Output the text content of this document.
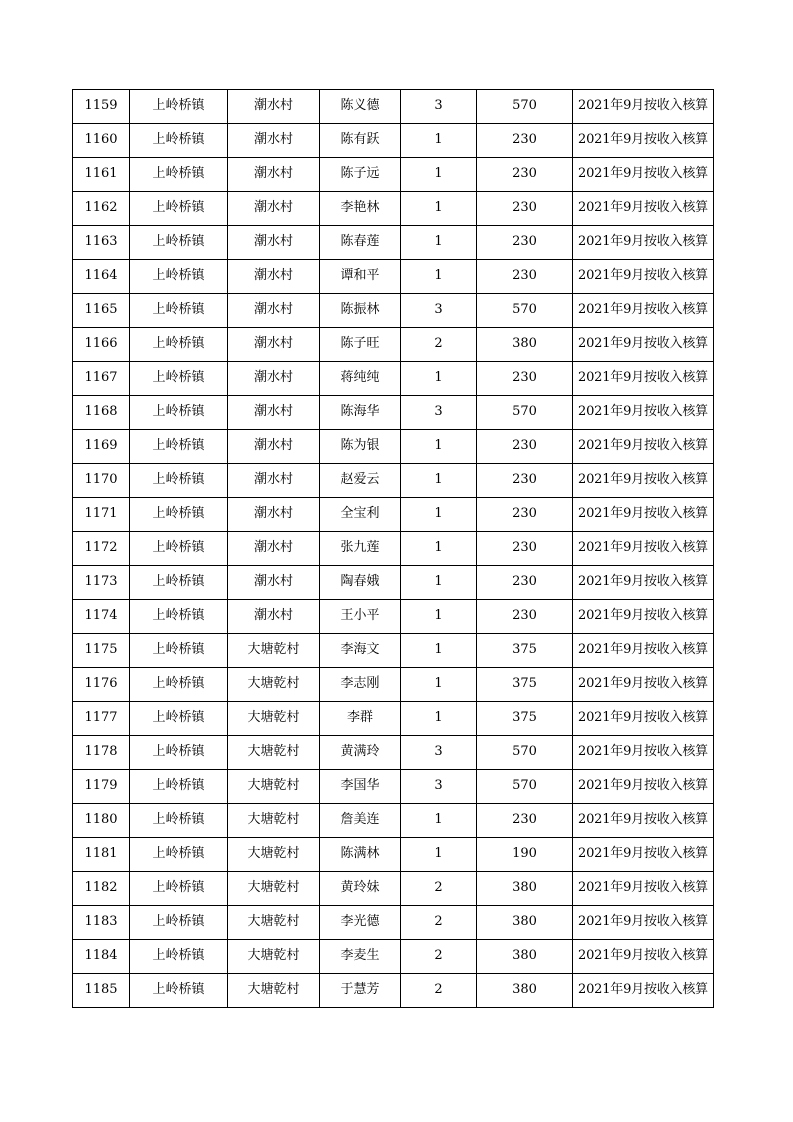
1159	上岭桥镇	潮水村	陈义德	3	570	2021年9月按收入核算
1160	上岭桥镇	潮水村	陈有跃	1	230	2021年9月按收入核算
1161	上岭桥镇	潮水村	陈子远	1	230	2021年9月按收入核算
1162	上岭桥镇	潮水村	李艳林	1	230	2021年9月按收入核算
1163	上岭桥镇	潮水村	陈春莲	1	230	2021年9月按收入核算
1164	上岭桥镇	潮水村	谭和平	1	230	2021年9月按收入核算
1165	上岭桥镇	潮水村	陈振林	3	570	2021年9月按收入核算
1166	上岭桥镇	潮水村	陈子旺	2	380	2021年9月按收入核算
1167	上岭桥镇	潮水村	蒋纯纯	1	230	2021年9月按收入核算
1168	上岭桥镇	潮水村	陈海华	3	570	2021年9月按收入核算
1169	上岭桥镇	潮水村	陈为银	1	230	2021年9月按收入核算
1170	上岭桥镇	潮水村	赵爱云	1	230	2021年9月按收入核算
1171	上岭桥镇	潮水村	全宝利	1	230	2021年9月按收入核算
1172	上岭桥镇	潮水村	张九莲	1	230	2021年9月按收入核算
1173	上岭桥镇	潮水村	陶春娥	1	230	2021年9月按收入核算
1174	上岭桥镇	潮水村	王小平	1	230	2021年9月按收入核算
1175	上岭桥镇	大塘乾村	李海文	1	375	2021年9月按收入核算
1176	上岭桥镇	大塘乾村	李志刚	1	375	2021年9月按收入核算
1177	上岭桥镇	大塘乾村	李群	1	375	2021年9月按收入核算
1178	上岭桥镇	大塘乾村	黄满玲	3	570	2021年9月按收入核算
1179	上岭桥镇	大塘乾村	李国华	3	570	2021年9月按收入核算
1180	上岭桥镇	大塘乾村	詹美连	1	230	2021年9月按收入核算
1181	上岭桥镇	大塘乾村	陈满林	1	190	2021年9月按收入核算
1182	上岭桥镇	大塘乾村	黄玲妹	2	380	2021年9月按收入核算
1183	上岭桥镇	大塘乾村	李光德	2	380	2021年9月按收入核算
1184	上岭桥镇	大塘乾村	李麦生	2	380	2021年9月按收入核算
1185	上岭桥镇	大塘乾村	于慧芳	2	380	2021年9月按收入核算
